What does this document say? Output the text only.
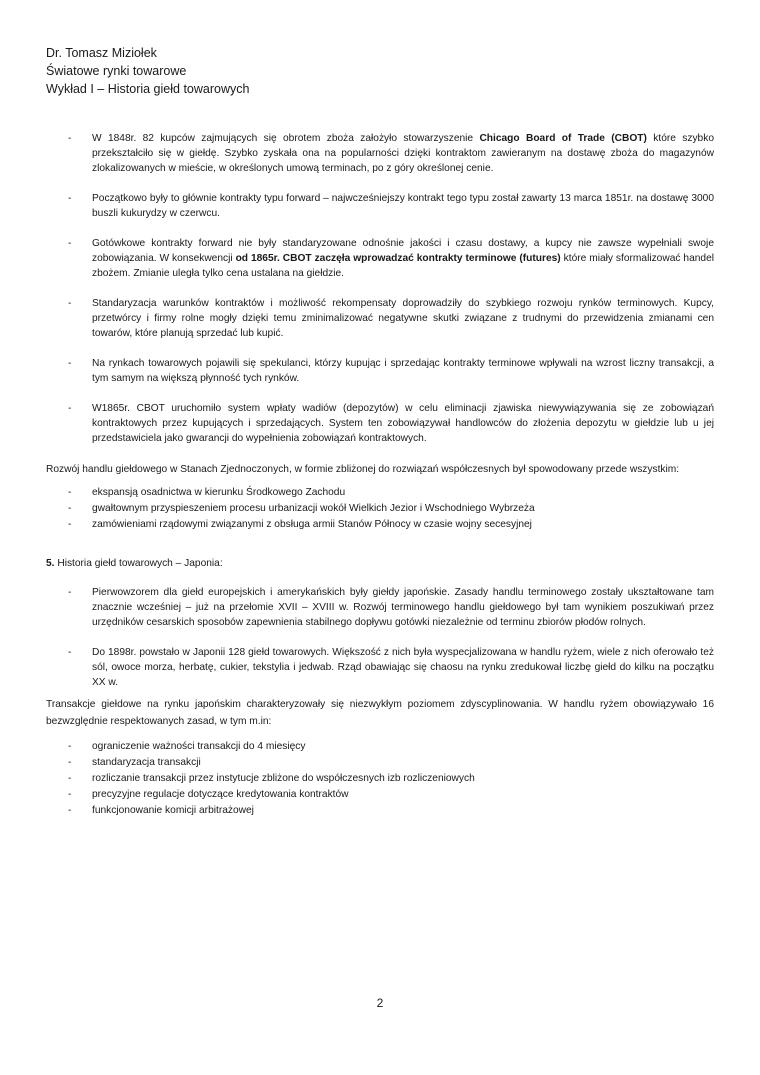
Dr. Tomasz Miziołek
Światowe rynki towarowe
Wykład I – Historia giełd towarowych
- W 1848r. 82 kupców zajmujących się obrotem zboża założyło stowarzyszenie Chicago Board of Trade (CBOT) które szybko przekształciło się w giełdę. Szybko zyskała ona na popularności dzięki kontraktom zawieranym na dostawę zboża do magazynów zlokalizowanych w mieście, w określonych umową terminach, po z góry określonej cenie.
- Początkowo były to głównie kontrakty typu forward – najwcześniejszy kontrakt tego typu został zawarty 13 marca 1851r. na dostawę 3000 buszli kukurydzy w czerwcu.
- Gotówkowe kontrakty forward nie były standaryzowane odnośnie jakości i czasu dostawy, a kupcy nie zawsze wypełniali swoje zobowiązania. W konsekwencji od 1865r. CBOT zaczęła wprowadzać kontrakty terminowe (futures) które miały sformalizować handel zbożem. Zmianie uległa tylko cena ustalana na giełdzie.
- Standaryzacja warunków kontraktów i możliwość rekompensaty doprowadziły do szybkiego rozwoju rynków terminowych. Kupcy, przetwórcy i firmy rolne mogły dzięki temu zminimalizować negatywne skutki związane z trudnymi do przewidzenia zmianami cen towarów, które planują sprzedać lub kupić.
- Na rynkach towarowych pojawili się spekulanci, którzy kupując i sprzedając kontrakty terminowe wpływali na wzrost liczny transakcji, a tym samym na większą płynność tych rynków.
- W1865r. CBOT uruchomiło system wpłaty wadiów (depozytów) w celu eliminacji zjawiska niewywiązywania się ze zobowiązań kontraktowych przez kupujących i sprzedających. System ten zobowiązywał handlowców do złożenia depozytu w giełdzie lub u jej przedstawiciela jako gwarancji do wypełnienia zobowiązań kontraktowych.

Rozwój handlu giełdowego w Stanach Zjednoczonych, w formie zbliżonej do rozwiązań współczesnych był spowodowany przede wszystkim:

- ekspansją osadnictwa w kierunku Środkowego Zachodu
- gwałtownym przyspieszeniem procesu urbanizacji wokół Wielkich Jezior i Wschodniego Wybrzeża
- zamówieniami rządowymi związanymi z obsługa armii Stanów Północy w czasie wojny secesyjnej

5. Historia giełd towarowych – Japonia:

- Pierwowzorem dla giełd europejskich i amerykańskich były giełdy japońskie. Zasady handlu terminowego zostały ukształtowane tam znacznie wcześniej – już na przełomie XVII – XVIII w. Rozwój terminowego handlu giełdowego był tam wynikiem poszukiwań przez urzędników cesarskich sposobów zapewnienia stabilnego dopływu gotówki niezależnie od terminu zbiorów płodów rolnych.
- Do 1898r. powstało w Japonii 128 giełd towarowych. Większość z nich była wyspecjalizowana w handlu ryżem, wiele z nich oferowało też sól, owoce morza, herbatę, cukier, tekstylia i jedwab. Rząd obawiając się chaosu na rynku zredukował liczbę giełd do kilku na początku XX w.

Transakcje giełdowe na rynku japońskim charakteryzowały się niezwykłym poziomem zdyscyplinowania. W handlu ryżem obowiązywało 16 bezwzględnie respektowanych zasad, w tym m.in:

- ograniczenie ważności transakcji do 4 miesięcy
- standaryzacja transakcji
- rozliczanie transakcji przez instytucje zbliżone do współczesnych izb rozliczeniowych
- precyzyjne regulacje dotyczące kredytowania kontraktów
- funkcjonowanie komicji arbitrażowej
2
